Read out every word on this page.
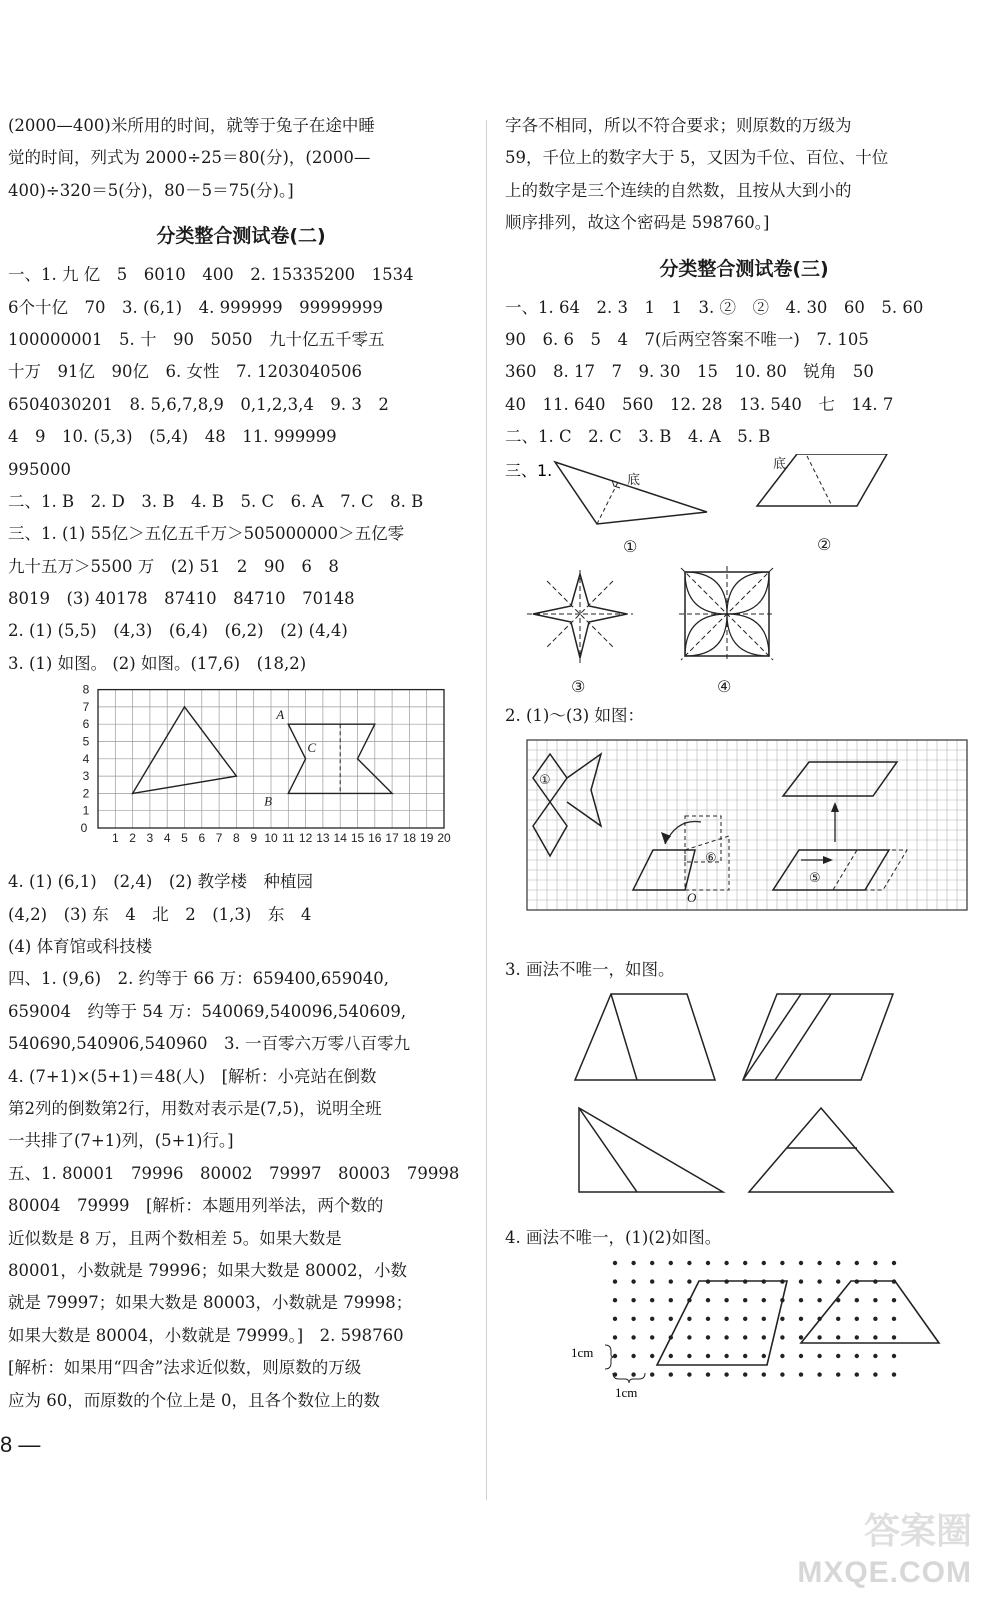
(2000—400)米所用的时间，就等于兔子在途中睡
觉的时间，列式为 2000÷25＝80(分)，(2000—
400)÷320＝5(分)，80－5＝75(分)。]
分类整合测试卷(二)
一、1. 九 亿　5　6010　400　2. 15335200　1534
6个十亿　70　3. (6,1)　4. 999999　99999999
100000001　5. 十　90　5050　九十亿五千零五
十万　91亿　90亿　6. 女性　7. 1203040506
6504030201　8. 5,6,7,8,9　0,1,2,3,4　9. 3　2
4　9　10. (5,3)　(5,4)　48　11. 999999
995000
二、1. B　2. D　3. B　4. B　5. C　6. A　7. C　8. B
三、1. (1) 55亿＞五亿五千万＞505000000＞五亿零
九十五万＞5500 万　(2) 51　2　90　6　8
8019　(3) 40178　87410　84710　70148
2. (1) (5,5)　(4,3)　(6,4)　(6,2)　(2) (4,4)
3. (1) 如图。 (2) 如图。(17,6)　(18,2)
0
1 2 3 4 5 6 7 8 9 10 11 12 13 14 15 16 17 18 19 20
1
2
3
4
5
6
7
8
A
B
C
4. (1) (6,1)　(2,4)　(2) 教学楼　种植园
(4,2)　(3) 东　4　北　2　(1,3)　东　4
(4) 体育馆或科技楼
四、1. (9,6)　2. 约等于 66 万：659400,659040,
659004　约等于 54 万：540069,540096,540609,
540690,540906,540960　3. 一百零六万零八百零九
4. (7+1)×(5+1)＝48(人)　[解析：小亮站在倒数
第2列的倒数第2行，用数对表示是(7,5)，说明全班
一共排了(7+1)列，(5+1)行。]
五、1. 80001　79996　80002　79997　80003　79998
80004　79999　[解析：本题用列举法，两个数的
近似数是 8 万，且两个数相差 5。如果大数是
80001，小数就是 79996；如果大数是 80002，小数
就是 79997；如果大数是 80003，小数就是 79998；
如果大数是 80004，小数就是 79999。]　2. 598760
[解析：如果用“四舍”法求近似数，则原数的万级
应为 60，而原数的个位上是 0，且各个数位上的数
字各不相同，所以不符合要求；则原数的万级为
59，千位上的数字大于 5，又因为千位、百位、十位
上的数字是三个连续的自然数，且按从大到小的
顺序排列，故这个密码是 598760。]
分类整合测试卷(三)
一、1. 64　2. 3　1　1　3. ②　②　4. 30　60　5. 60
90　6. 6　5　4　7(后两空答案不唯一)　7. 105
360　8. 17　7　9. 30　15　10. 80　锐角　50
40　11. 640　560　12. 28　13. 540　七　14. 7
二、1. C　2. C　3. B　4. A　5. B
三、1.
底
①
底
②
③	④
2. (1)～(3) 如图：
①
⑥
O
⑤
3. 画法不唯一，如图。
4. 画法不唯一，(1)(2)如图。
1cm
1cm
8 —
答案圈
MXQE.COM
